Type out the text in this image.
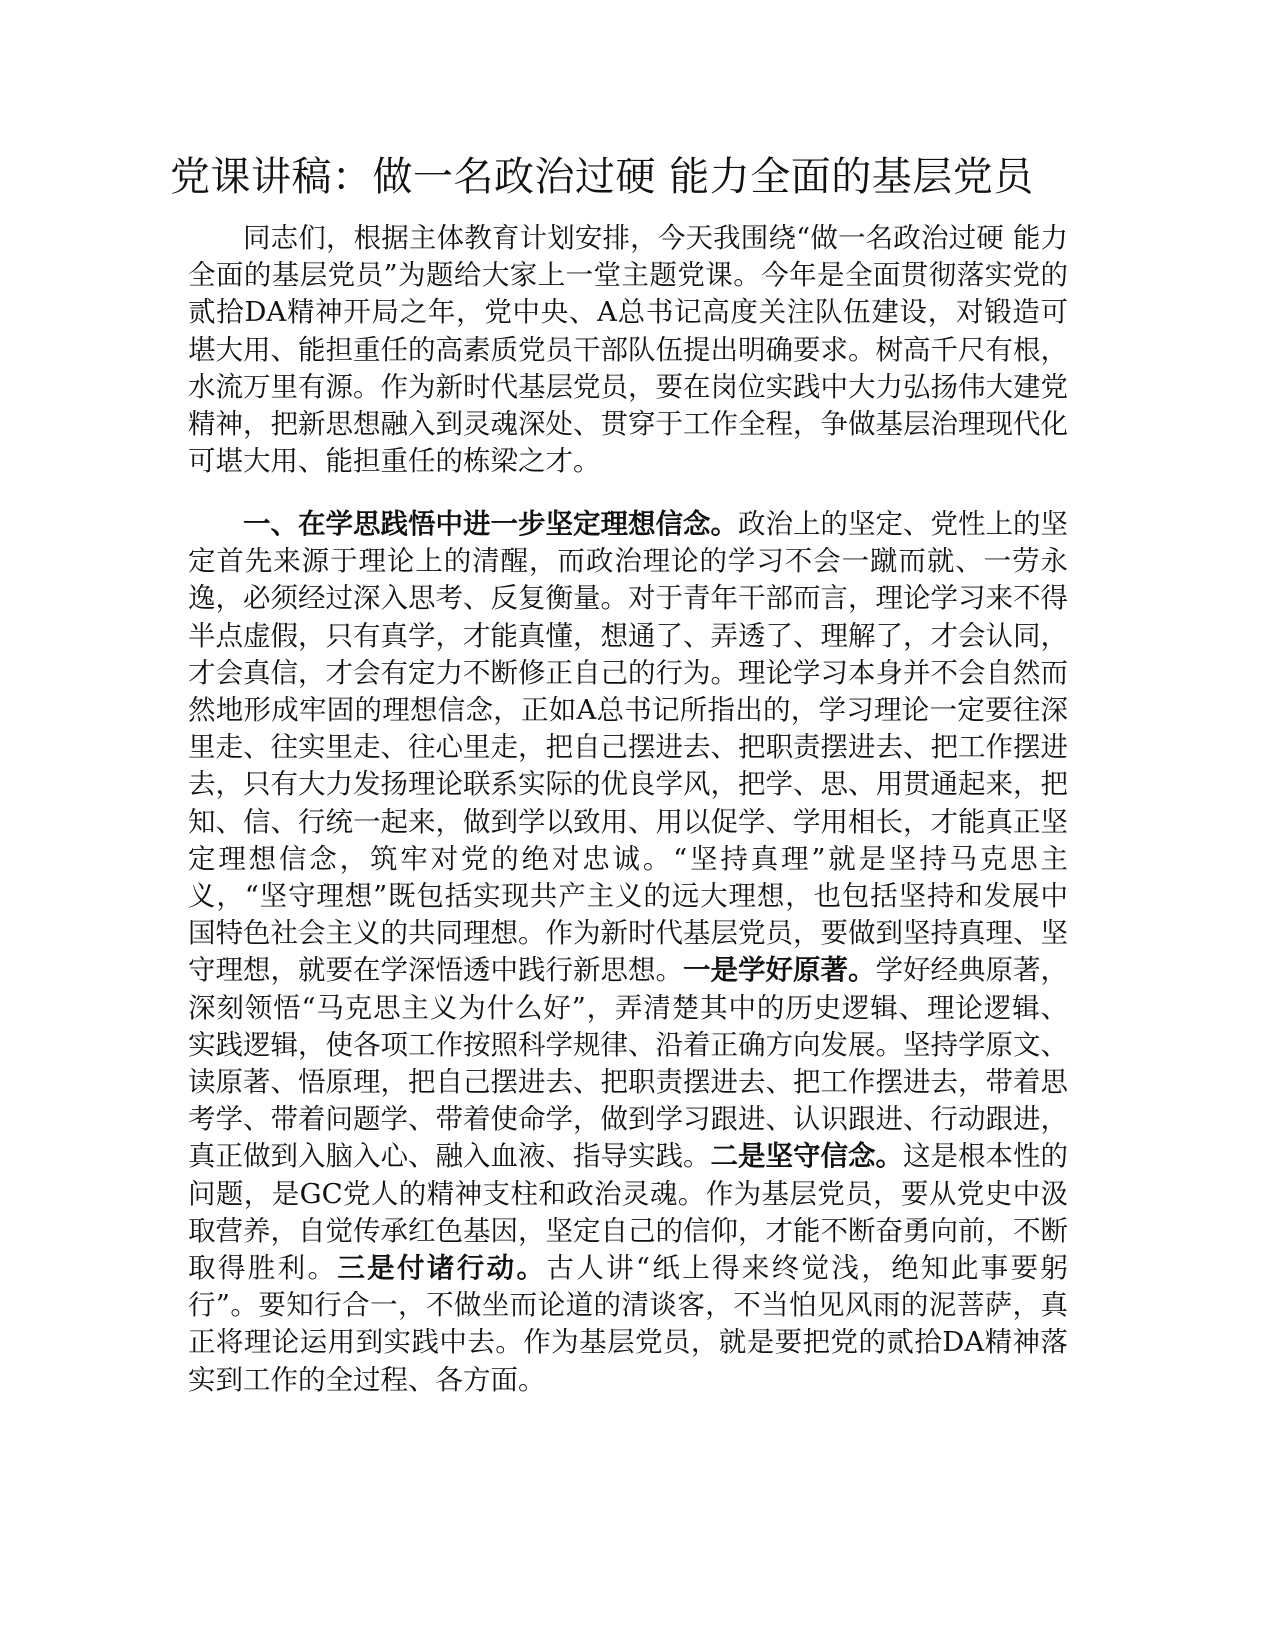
党课讲稿：做一名政治过硬 能力全面的基层党员

同志们，根据主体教育计划安排，今天我围绕“做一名政治过硬 能力全面的基层党员”为题给大家上一堂主题党课。今年是全面贯彻落实党的贰拾DA精神开局之年，党中央、A总书记高度关注队伍建设，对锻造可堪大用、能担重任的高素质党员干部队伍提出明确要求。树高千尺有根，水流万里有源。作为新时代基层党员，要在岗位实践中大力弘扬伟大建党精神，把新思想融入到灵魂深处、贯穿于工作全程，争做基层治理现代化可堪大用、能担重任的栋梁之才。

一、在学思践悟中进一步坚定理想信念。政治上的坚定、党性上的坚定首先来源于理论上的清醒，而政治理论的学习不会一蹴而就、一劳永逸，必须经过深入思考、反复衡量。对于青年干部而言，理论学习来不得半点虚假，只有真学，才能真懂，想通了、弄透了、理解了，才会认同，才会真信，才会有定力不断修正自己的行为。理论学习本身并不会自然而然地形成牢固的理想信念，正如A总书记所指出的，学习理论一定要往深里走、往实里走、往心里走，把自己摆进去、把职责摆进去、把工作摆进去，只有大力发扬理论联系实际的优良学风，把学、思、用贯通起来，把知、信、行统一起来，做到学以致用、用以促学、学用相长，才能真正坚定理想信念，筑牢对党的绝对忠诚。“坚持真理”就是坚持马克思主义，“坚守理想”既包括实现共产主义的远大理想，也包括坚持和发展中国特色社会主义的共同理想。作为新时代基层党员，要做到坚持真理、坚守理想，就要在学深悟透中践行新思想。一是学好原著。学好经典原著，深刻领悟“马克思主义为什么好”，弄清楚其中的历史逻辑、理论逻辑、实践逻辑，使各项工作按照科学规律、沿着正确方向发展。坚持学原文、读原著、悟原理，把自己摆进去、把职责摆进去、把工作摆进去，带着思考学、带着问题学、带着使命学，做到学习跟进、认识跟进、行动跟进，真正做到入脑入心、融入血液、指导实践。二是坚守信念。这是根本性的问题，是GC党人的精神支柱和政治灵魂。作为基层党员，要从党史中汲取营养，自觉传承红色基因，坚定自己的信仰，才能不断奋勇向前，不断取得胜利。三是付诸行动。古人讲“纸上得来终觉浅，绝知此事要躬行”。要知行合一，不做坐而论道的清谈客，不当怕见风雨的泥菩萨，真正将理论运用到实践中去。作为基层党员，就是要把党的贰拾DA精神落实到工作的全过程、各方面。
